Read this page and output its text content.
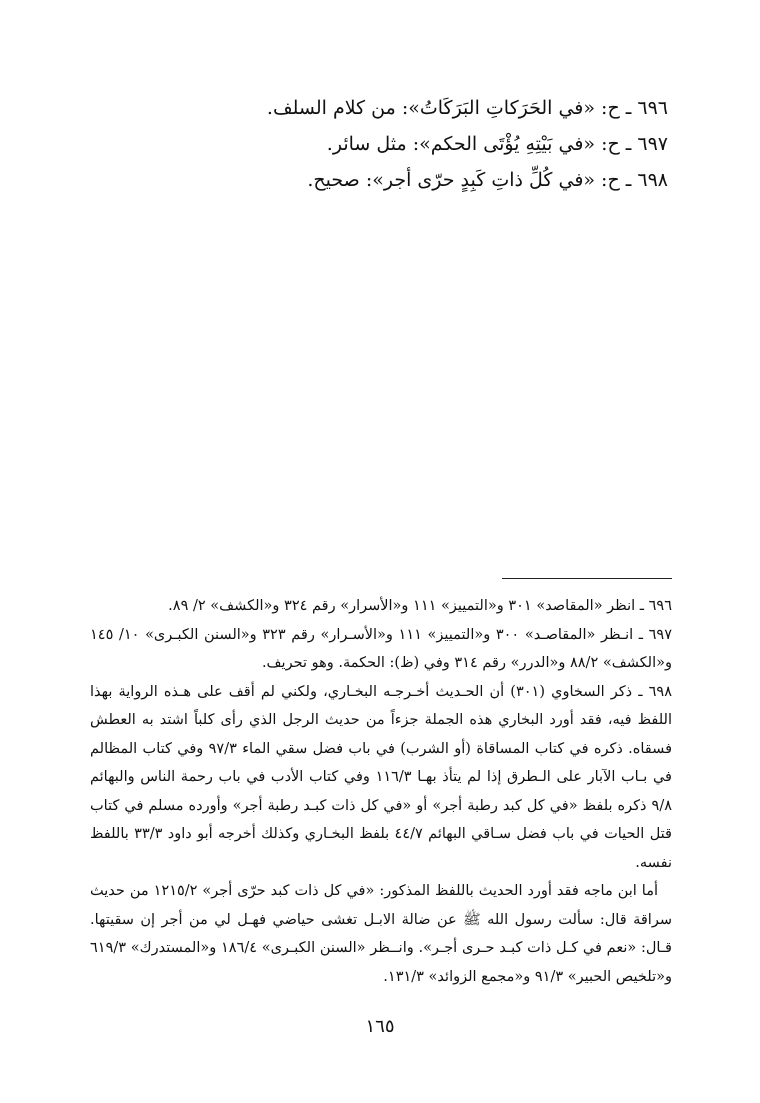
٦٩٦ ـ ح: «في الحَرَكاتِ البَرَكَاتُ»: من كلام السلف.
٦٩٧ ـ ح: «في بَيْتِهِ يُؤْتَى الحكم»: مثل سائر.
٦٩٨ ـ ح: «في كُلِّ ذاتِ كَبِدٍ حرّى أجر»: صحيح.

٦٩٦ ـ انظر «المقاصد» ٣٠١ و«التمييز» ١١١ و«الأسرار» رقم ٣٢٤ و«الكشف» ٢/ ٨٩.

٦٩٧ ـ انـظر «المقاصـد» ٣٠٠ و«التمييز» ١١١ و«الأسـرار» رقم ٣٢٣ و«السنن الكبـرى» ١٠/ ١٤٥ و«الكشف» ٨٨/٢ و«الدرر» رقم ٣١٤ وفي (ظ): الحكمة. وهو تحريف.

٦٩٨ ـ ذكر السخاوي (٣٠١) أن الحـديث أخـرجـه البخـاري، ولكني لم أقف على هـذه الرواية بهذا اللفظ فيه، فقد أورد البخاري هذه الجملة جزءاً من حديث الرجل الذي رأى كلباً اشتد به العطش فسقاه. ذكره في كتاب المساقاة (أو الشرب) في باب فضل سقي الماء ٩٧/٣ وفي كتاب المظالم في بـاب الآبار على الـطرق إذا لم يتأذ بهـا ١١٦/٣ وفي كتاب الأدب في باب رحمة الناس والبهائم ٩/٨ ذكره بلفظ «في كل كبد رطبة أجر» أو «في كل ذات كبـد رطبة أجر» وأورده مسلم في كتاب قتل الحيات في باب فضل سـاقي البهائم ٤٤/٧ بلفظ البخـاري وكذلك أخرجه أبو داود ٣٣/٣ باللفظ نفسه.

أما ابن ماجه فقد أورد الحديث باللفظ المذكور: «في كل ذات كبد حرّى أجر» ١٢١٥/٢ من حديث سراقة قال: سألت رسول الله ﷺ عن ضالة الابـل تغشى حياضي فهـل لي من أجر إن سقيتها. قـال: «نعم في كـل ذات كبـد حـرى أجـر». وانــظر «السنن الكبـرى» ١٨٦/٤ و«المستدرك» ٦١٩/٣ و«تلخيص الحبير» ٩١/٣ و«مجمع الزوائد» ١٣١/٣.

١٦٥
